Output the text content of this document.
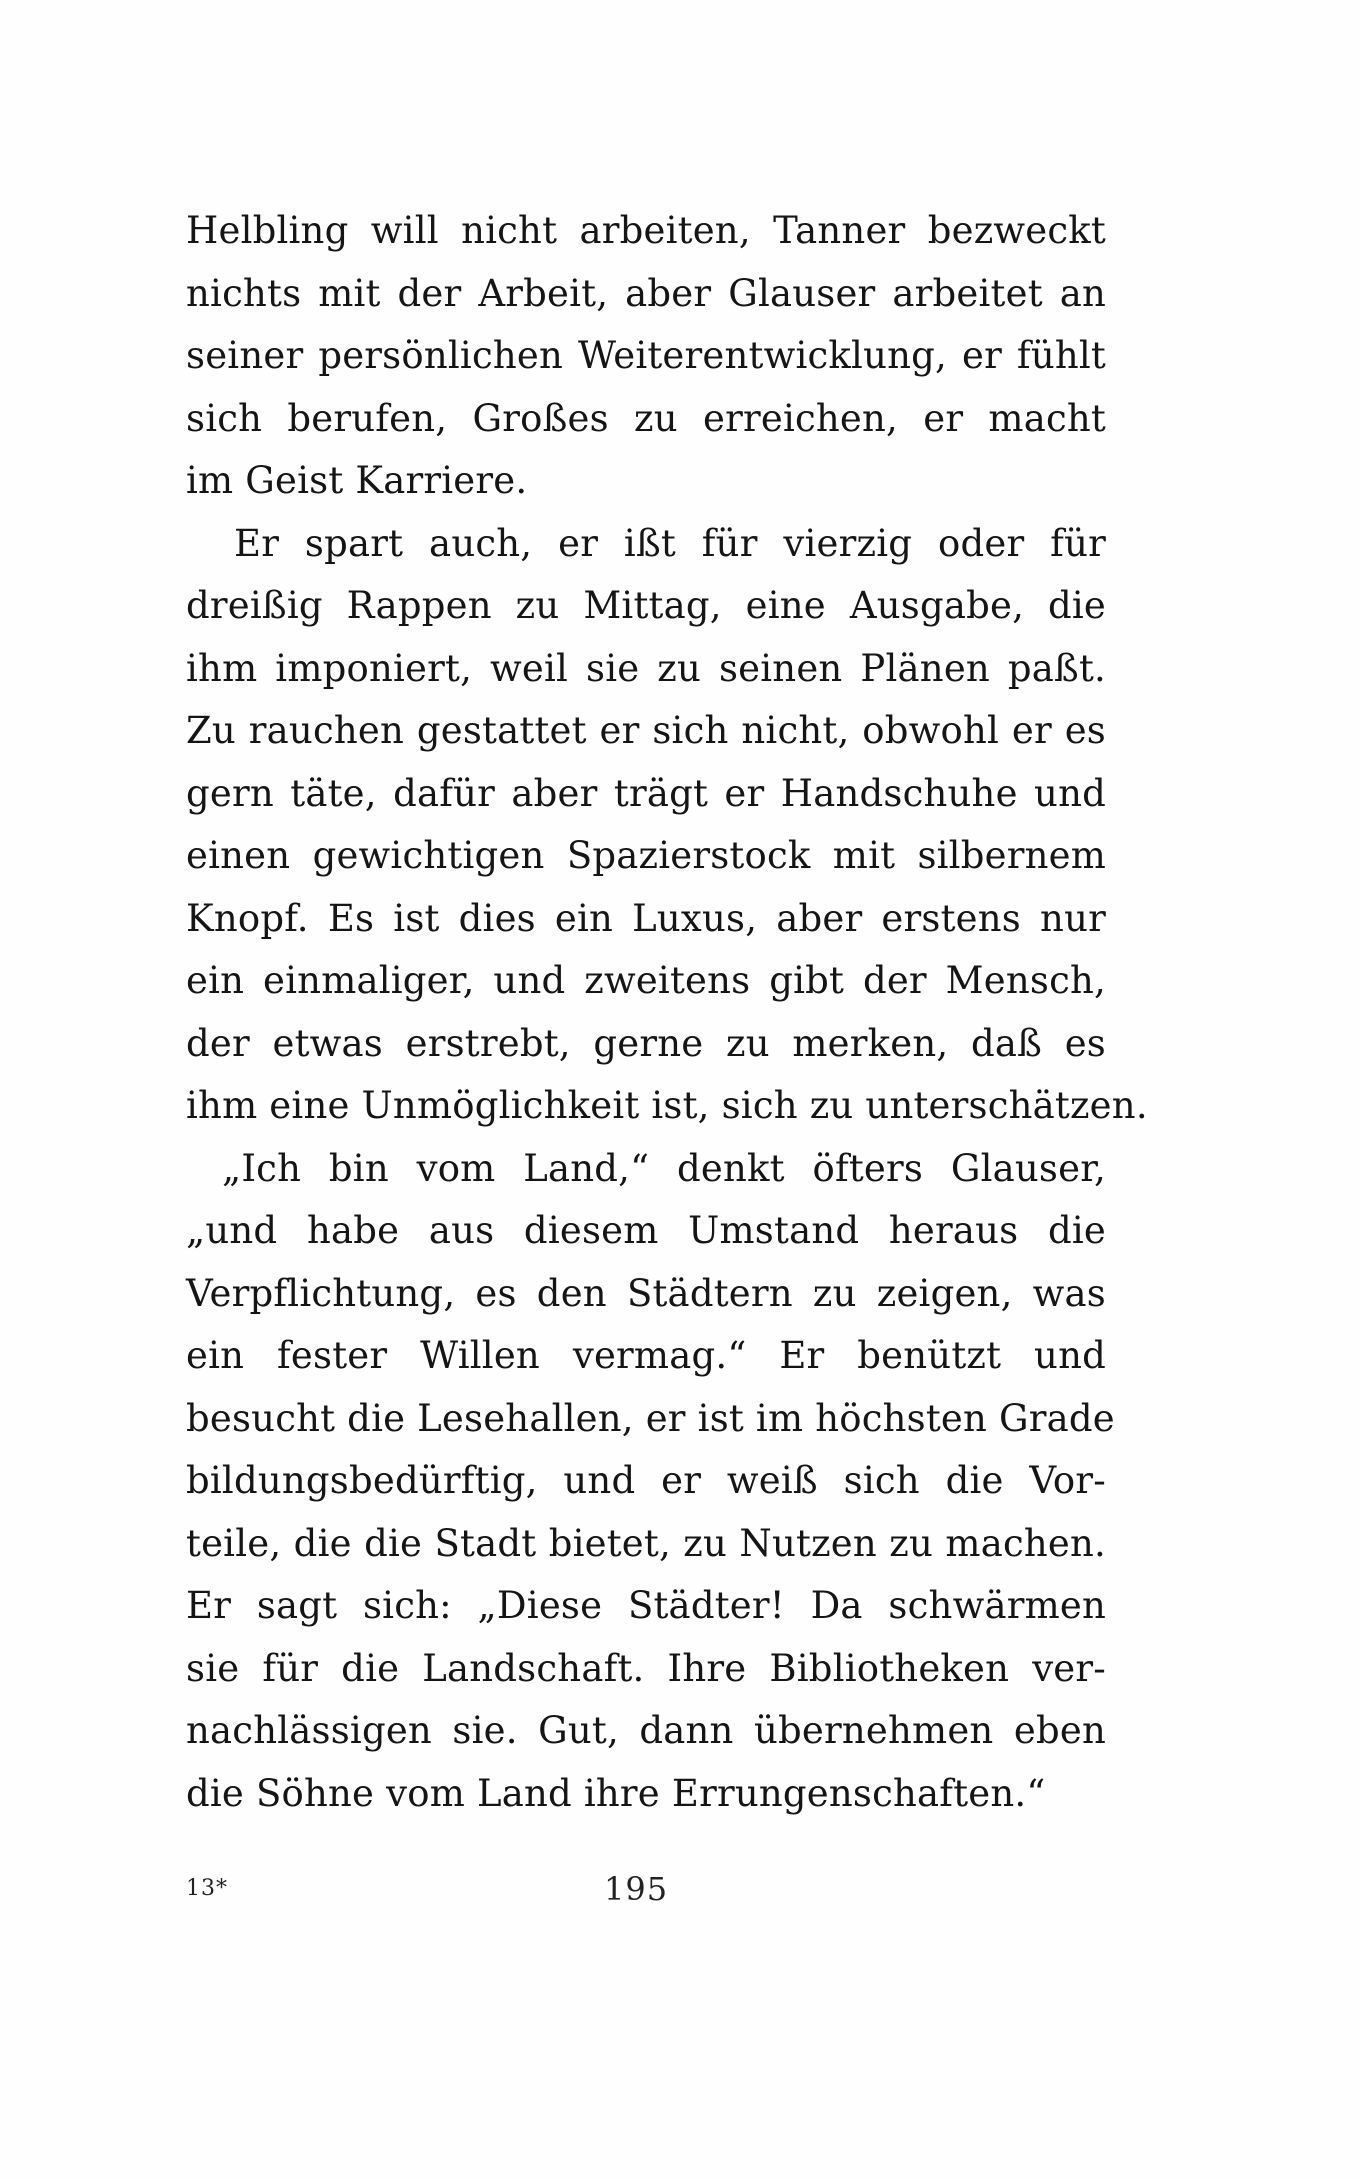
Helbling will nicht arbeiten, Tanner bezweckt
nichts mit der Arbeit, aber Glauser arbeitet an
seiner persönlichen Weiterentwicklung, er fühlt
sich berufen, Großes zu erreichen, er macht
im Geist Karriere.
Er spart auch, er ißt für vierzig oder für
dreißig Rappen zu Mittag, eine Ausgabe, die
ihm imponiert, weil sie zu seinen Plänen paßt.
Zu rauchen gestattet er sich nicht, obwohl er es
gern täte, dafür aber trägt er Handschuhe und
einen gewichtigen Spazierstock mit silbernem
Knopf. Es ist dies ein Luxus, aber erstens nur
ein einmaliger, und zweitens gibt der Mensch,
der etwas erstrebt, gerne zu merken, daß es
ihm eine Unmöglichkeit ist, sich zu unterschätzen.
„Ich bin vom Land,“ denkt öfters Glauser,
„und habe aus diesem Umstand heraus die
Verpflichtung, es den Städtern zu zeigen, was
ein fester Willen vermag.“ Er benützt und
besucht die Lesehallen, er ist im höchsten Grade
bildungsbedürftig, und er weiß sich die Vor-
teile, die die Stadt bietet, zu Nutzen zu machen.
Er sagt sich: „Diese Städter! Da schwärmen
sie für die Landschaft. Ihre Bibliotheken ver-
nachlässigen sie. Gut, dann übernehmen eben
die Söhne vom Land ihre Errungenschaften.“
13*	195
